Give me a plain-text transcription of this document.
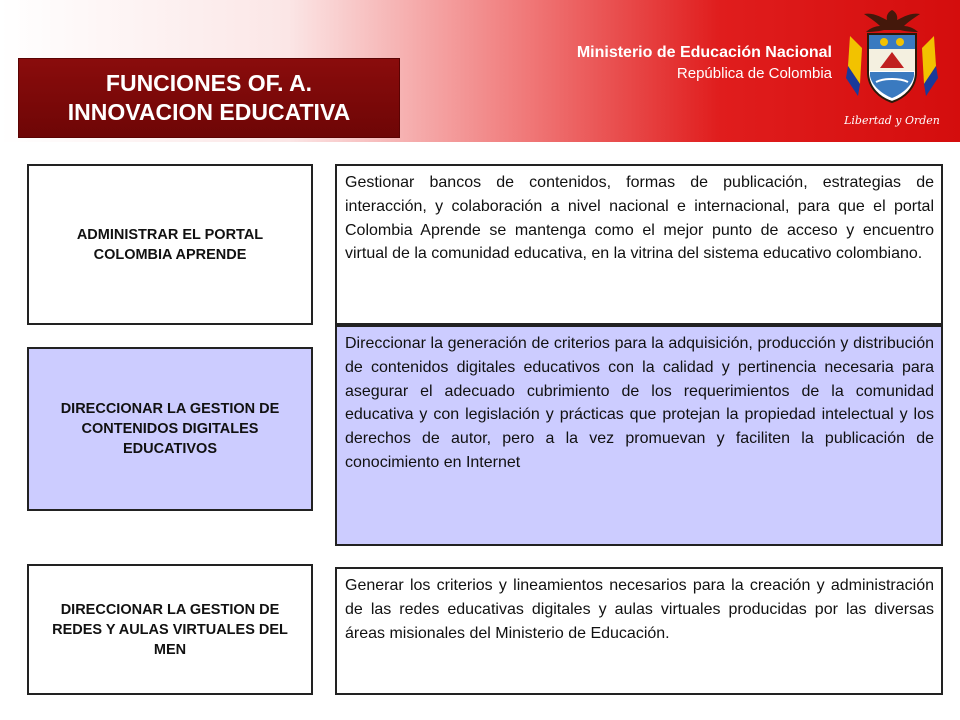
FUNCIONES OF. A.
INNOVACION EDUCATIVA
Ministerio de Educación Nacional
República de Colombia
Libertad y Orden
ADMINISTRAR EL PORTAL COLOMBIA APRENDE
Gestionar bancos de contenidos, formas de publicación, estrategias de interacción, y colaboración a nivel nacional e internacional, para que el portal Colombia Aprende se mantenga como el mejor punto de acceso y encuentro virtual de la comunidad educativa, en la vitrina del sistema educativo colombiano.
DIRECCIONAR LA GESTION DE CONTENIDOS DIGITALES EDUCATIVOS
Direccionar la generación de criterios para la adquisición, producción y distribución de contenidos digitales educativos con la calidad y pertinencia necesaria para asegurar el adecuado cubrimiento de los requerimientos de la comunidad educativa y con legislación y prácticas que protejan la propiedad intelectual y los derechos de autor, pero a la vez promuevan y faciliten la publicación de conocimiento en Internet
DIRECCIONAR LA GESTION DE REDES Y AULAS VIRTUALES DEL MEN
Generar los criterios y lineamientos necesarios para la creación y administración de las redes educativas digitales y aulas virtuales producidas por las diversas áreas misionales del Ministerio de Educación.
